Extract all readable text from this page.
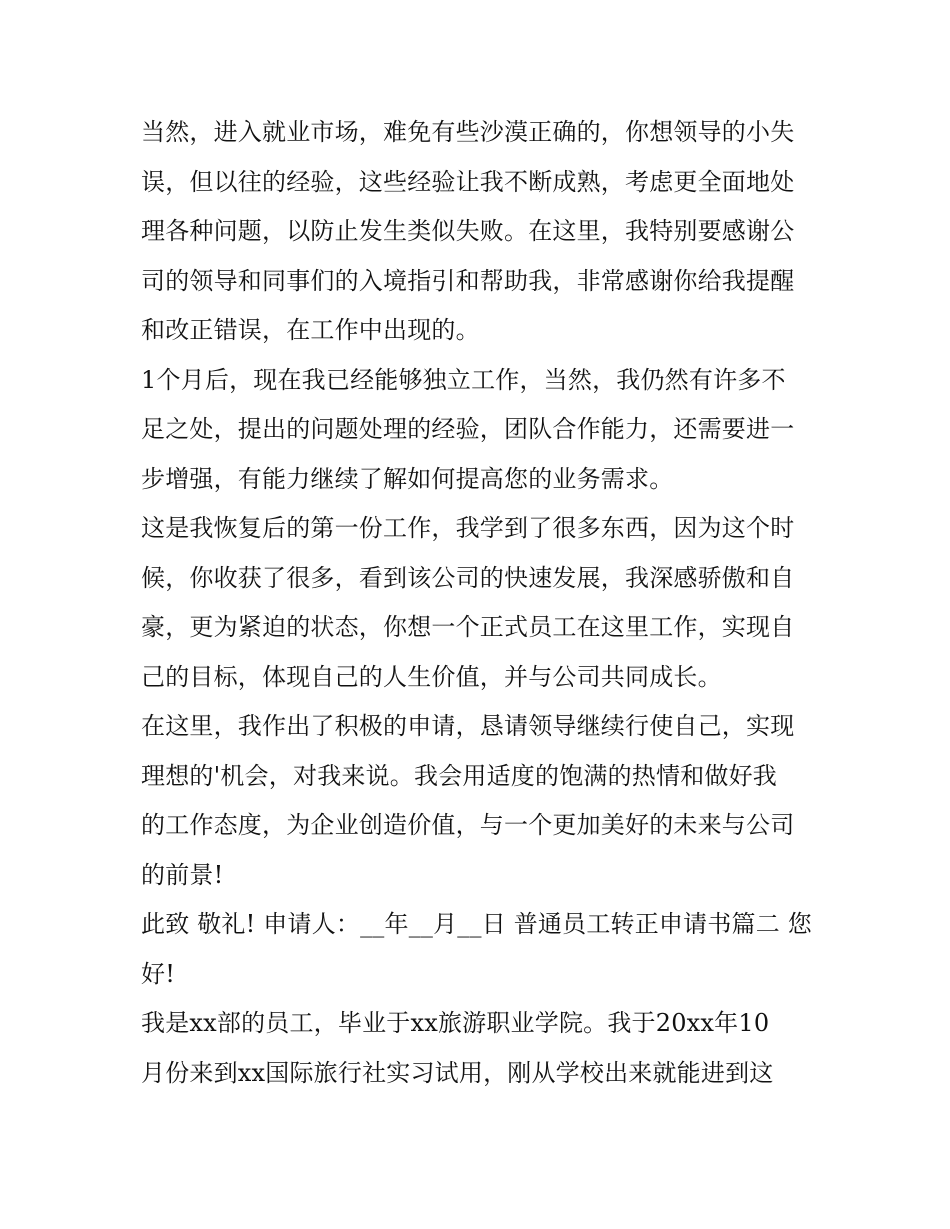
当然，进入就业市场，难免有些沙漠正确的，你想领导的小失
误，但以往的经验，这些经验让我不断成熟，考虑更全面地处
理各种问题，以防止发生类似失败。在这里，我特别要感谢公
司的领导和同事们的入境指引和帮助我，非常感谢你给我提醒
和改正错误，在工作中出现的。
1个月后，现在我已经能够独立工作，当然，我仍然有许多不
足之处，提出的问题处理的经验，团队合作能力，还需要进一
步增强，有能力继续了解如何提高您的业务需求。
这是我恢复后的第一份工作，我学到了很多东西，因为这个时
候，你收获了很多，看到该公司的快速发展，我深感骄傲和自
豪，更为紧迫的状态，你想一个正式员工在这里工作，实现自
己的目标，体现自己的人生价值，并与公司共同成长。
在这里，我作出了积极的申请，恳请领导继续行使自己，实现
理想的'机会，对我来说。我会用适度的饱满的热情和做好我
的工作态度，为企业创造价值，与一个更加美好的未来与公司
的前景!
此致 敬礼! 申请人：__年__月__日 普通员工转正申请书篇二 您
好!
我是xx部的员工，毕业于xx旅游职业学院。我于20xx年10
月份来到xx国际旅行社实习试用，刚从学校出来就能进到这
